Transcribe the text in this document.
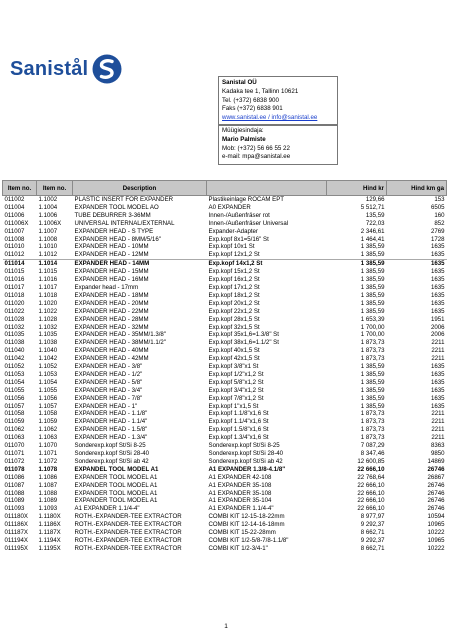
Sanistål
Sanistal OÜ
Kadaka tee 1, Tallinn 10621
Tel. (+372) 6838 900
Faks (+372) 6838 901
www.sanistal.ee / info@sanistal.ee
Müügiesindaja:
Mario Palmiste
Mob: (+372) 56 66 55 22
e-mail: mpa@sanistal.ee
Item no.	Item no.	Description		Hind kr	Hind km ga
011002	1.1002	PLASTIC INSERT FOR EXPANDER	Plastikeinlage ROCAM EPT	129,66	153
011004	1.1004	EXPANDER TOOL MODEL AO	A0 EXPANDER	5 512,71	6505
011006	1.1006	TUBE DEBURRER 3-36MM	Innen-/Außenfräser rot	135,59	160
011006X	1.1006X	UNIVERSAL INTERNAL/EXTERNAL	Innen-/Außenfräser Universal	722,03	852
011007	1.1007	EXPANDER HEAD - S TYPE	Expander-Adapter	2 346,61	2769
011008	1.1008	EXPANDER HEAD - 8MM/5/16"	Exp.kopf 8x1=5/16" St	1 464,41	1728
011010	1.1010	EXPANDER HEAD - 10MM	Exp.kopf 10x1 St	1 385,59	1635
011012	1.1012	EXPANDER HEAD - 12MM	Exp.kopf 12x1,2 St	1 385,59	1635
011014	1.1014	EXPANDER HEAD - 14MM	Exp.kopf 14x1,2 St	1 385,59	1635
011015	1.1015	EXPANDER HEAD - 15MM	Exp.kopf 15x1,2 St	1 385,59	1635
011016	1.1016	EXPANDER HEAD - 16MM	Exp.kopf 16x1,2 St	1 385,59	1635
011017	1.1017	Expander head - 17mm	Exp.kopf 17x1,2 St	1 385,59	1635
011018	1.1018	EXPANDER HEAD - 18MM	Exp.kopf 18x1,2 St	1 385,59	1635
011020	1.1020	EXPANDER HEAD - 20MM	Exp.kopf 20x1,2 St	1 385,59	1635
011022	1.1022	EXPANDER HEAD - 22MM	Exp.kopf 22x1,2 St	1 385,59	1635
011028	1.1028	EXPANDER HEAD - 28MM	Exp.kopf 28x1,5 St	1 653,39	1951
011032	1.1032	EXPANDER HEAD - 32MM	Exp.kopf 32x1,5 St	1 700,00	2006
011035	1.1035	EXPANDER HEAD - 35MM/1.3/8"	Exp.kopf 35x1,6=1.3/8" St	1 700,00	2006
011038	1.1038	EXPANDER HEAD - 38MM/1.1/2"	Exp.kopf 38x1,6=1.1/2" St	1 873,73	2211
011040	1.1040	EXPANDER HEAD - 40MM	Exp.kopf 40x1,5 St	1 873,73	2211
011042	1.1042	EXPANDER HEAD - 42MM	Exp.kopf 42x1,5 St	1 873,73	2211
011052	1.1052	EXPANDER HEAD - 3/8"	Exp.kopf 3/8"x1 St	1 385,59	1635
011053	1.1053	EXPANDER HEAD - 1/2"	Exp.kopf 1/2"x1,2 St	1 385,59	1635
011054	1.1054	EXPANDER HEAD - 5/8"	Exp.kopf 5/8"x1,2 St	1 385,59	1635
011055	1.1055	EXPANDER HEAD - 3/4"	Exp.kopf 3/4"x1,2 St	1 385,59	1635
011056	1.1056	EXPANDER HEAD - 7/8"	Exp.kopf 7/8"x1,2 St	1 385,59	1635
011057	1.1057	EXPANDER HEAD - 1"	Exp.kopf 1"x1,5 St	1 385,59	1635
011058	1.1058	EXPANDER HEAD - 1.1/8"	Exp.kopf 1.1/8"x1,6 St	1 873,73	2211
011059	1.1059	EXPANDER HEAD - 1.1/4"	Exp.kopf 1.1/4"x1,6 St	1 873,73	2211
011062	1.1062	EXPANDER HEAD - 1.5/8"	Exp.kopf 1.5/8"x1,6 St	1 873,73	2211
011063	1.1063	EXPANDER HEAD - 1.3/4"	Exp.kopf 1.3/4"x1,6 St	1 873,73	2211
011070	1.1070	Sonderexp.kopf St/Si 8-25	Sonderexp.kopf St/Si 8-25	7 087,29	8363
011071	1.1071	Sonderexp.kopf St/Si 28-40	Sonderexp.kopf St/Si 28-40	8 347,46	9850
011072	1.1072	Sonderexp.kopf St/Si ab 42	Sonderexp.kopf St/Si ab 42	12 600,85	14869
011078	1.1078	EXPANDEL TOOL MODEL A1	A1 EXPANDER 1.3/8-4.1/8"	22 666,10	26746
011086	1.1086	EXPANDER TOOL MODEL A1	A1 EXPANDER 42-108	22 768,64	26867
011087	1.1087	EXPANDER TOOL MODEL A1	A1 EXPANDER 35-108	22 666,10	26746
011088	1.1088	EXPANDER TOOL MODEL A1	A1 EXPANDER 35-108	22 666,10	26746
011089	1.1089	EXPANDER TOOL MODEL A1	A1 EXPANDER 35-104	22 666,10	26746
011093	1.1093	A1 EXPANDER 1.1/4-4"	A1 EXPANDER 1.1/4-4"	22 666,10	26746
011180X	1.1180X	ROTH.-EXPANDER-TEE EXTRACTOR	COMBI KIT 12-15-18-22mm	8 977,97	10594
011186X	1.1186X	ROTH.-EXPANDER-TEE EXTRACTOR	COMBI KIT 12-14-16-18mm	9 292,37	10965
011187X	1.1187X	ROTH.-EXPANDER-TEE EXTRACTOR	COMBI KIT 15-22-28mm	8 662,71	10222
011194X	1.1194X	ROTH.-EXPANDER-TEE EXTRACTOR	COMBI KIT 1/2-5/8-7/8-1.1/8"	9 292,37	10965
011195X	1.1195X	ROTH.-EXPANDER-TEE EXTRACTOR	COMBI KIT 1/2-3/4-1"	8 662,71	10222
1
